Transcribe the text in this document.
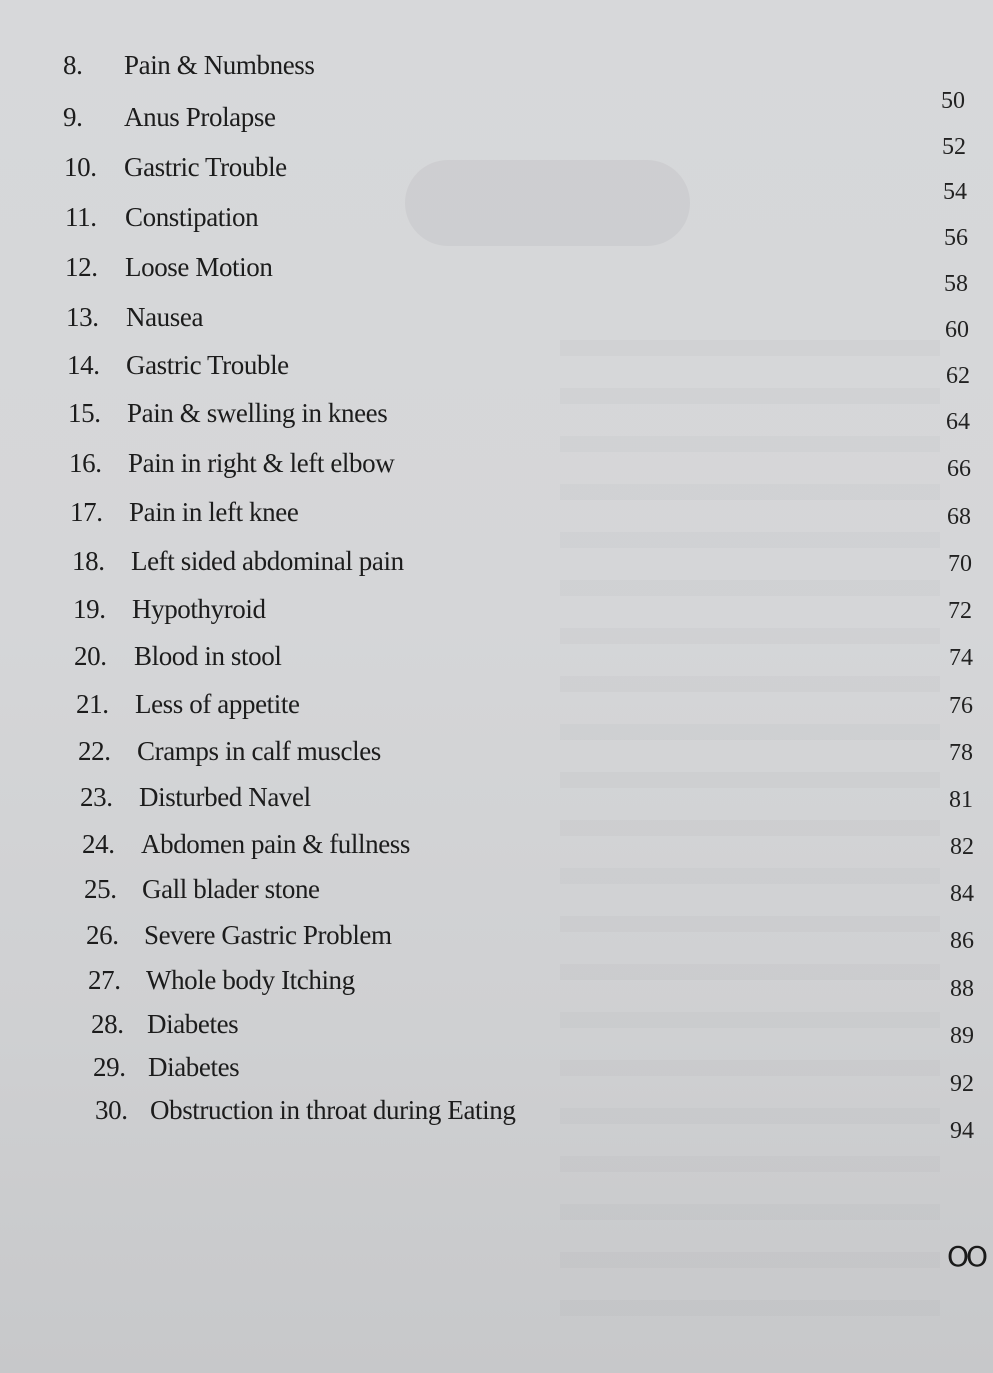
8. Pain & Numbness
9. Anus Prolapse
10. Gastric Trouble
11. Constipation
12. Loose Motion
13. Nausea
14. Gastric Trouble
15. Pain & swelling in knees
16. Pain in right & left elbow
17. Pain in left knee
18. Left sided abdominal pain
19. Hypothyroid
20. Blood in stool
21. Less of appetite
22. Cramps in calf muscles
23. Disturbed Navel
24. Abdomen pain & fullness
25. Gall blader stone
26. Severe Gastric Problem
27. Whole body Itching
28. Diabetes
29. Diabetes
30. Obstruction in throat during Eating
50
52
54
56
58
60
62
64
66
68
70
72
74
76
78
81
82
84
86
88
89
92
94
OO
